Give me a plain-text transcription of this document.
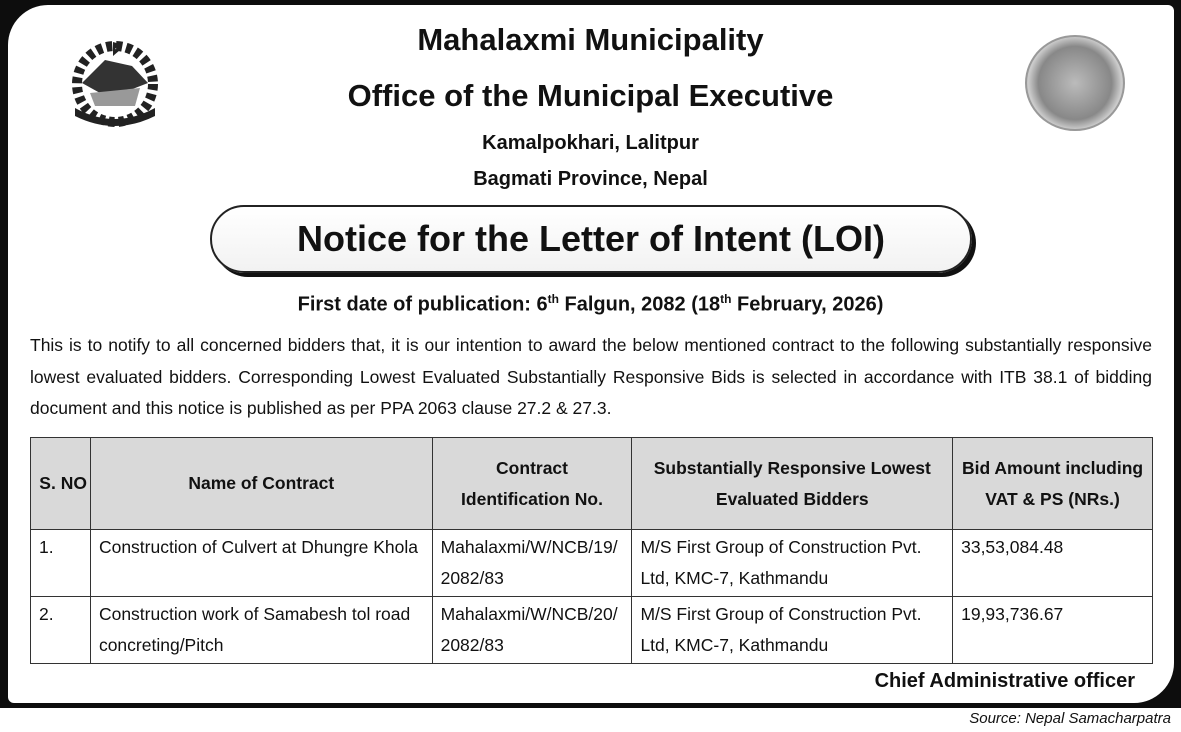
Mahalaxmi Municipality
Office of the Municipal Executive
Kamalpokhari, Lalitpur
Bagmati Province, Nepal
Notice for the Letter of Intent (LOI)
First date of publication: 6th Falgun, 2082 (18th February, 2026)
This is to notify to all concerned bidders that, it is our intention to award the below mentioned contract to the following substantially responsive lowest evaluated bidders. Corresponding Lowest Evaluated Substantially Responsive Bids is selected in accordance with ITB 38.1 of bidding document and this notice is published as per PPA 2063 clause 27.2 & 27.3.
S. NO	Name of Contract	Contract Identification No.	Substantially Responsive Lowest Evaluated Bidders	Bid Amount including VAT & PS (NRs.)
1.	Construction of Culvert at Dhungre Khola	Mahalaxmi/W/NCB/19/2082/83	M/S First Group of Construction Pvt. Ltd, KMC-7, Kathmandu	33,53,084.48
2.	Construction work of Samabesh tol road concreting/Pitch	Mahalaxmi/W/NCB/20/2082/83	M/S First Group of Construction Pvt. Ltd, KMC-7, Kathmandu	19,93,736.67
Chief Administrative officer
Source: Nepal Samacharpatra
